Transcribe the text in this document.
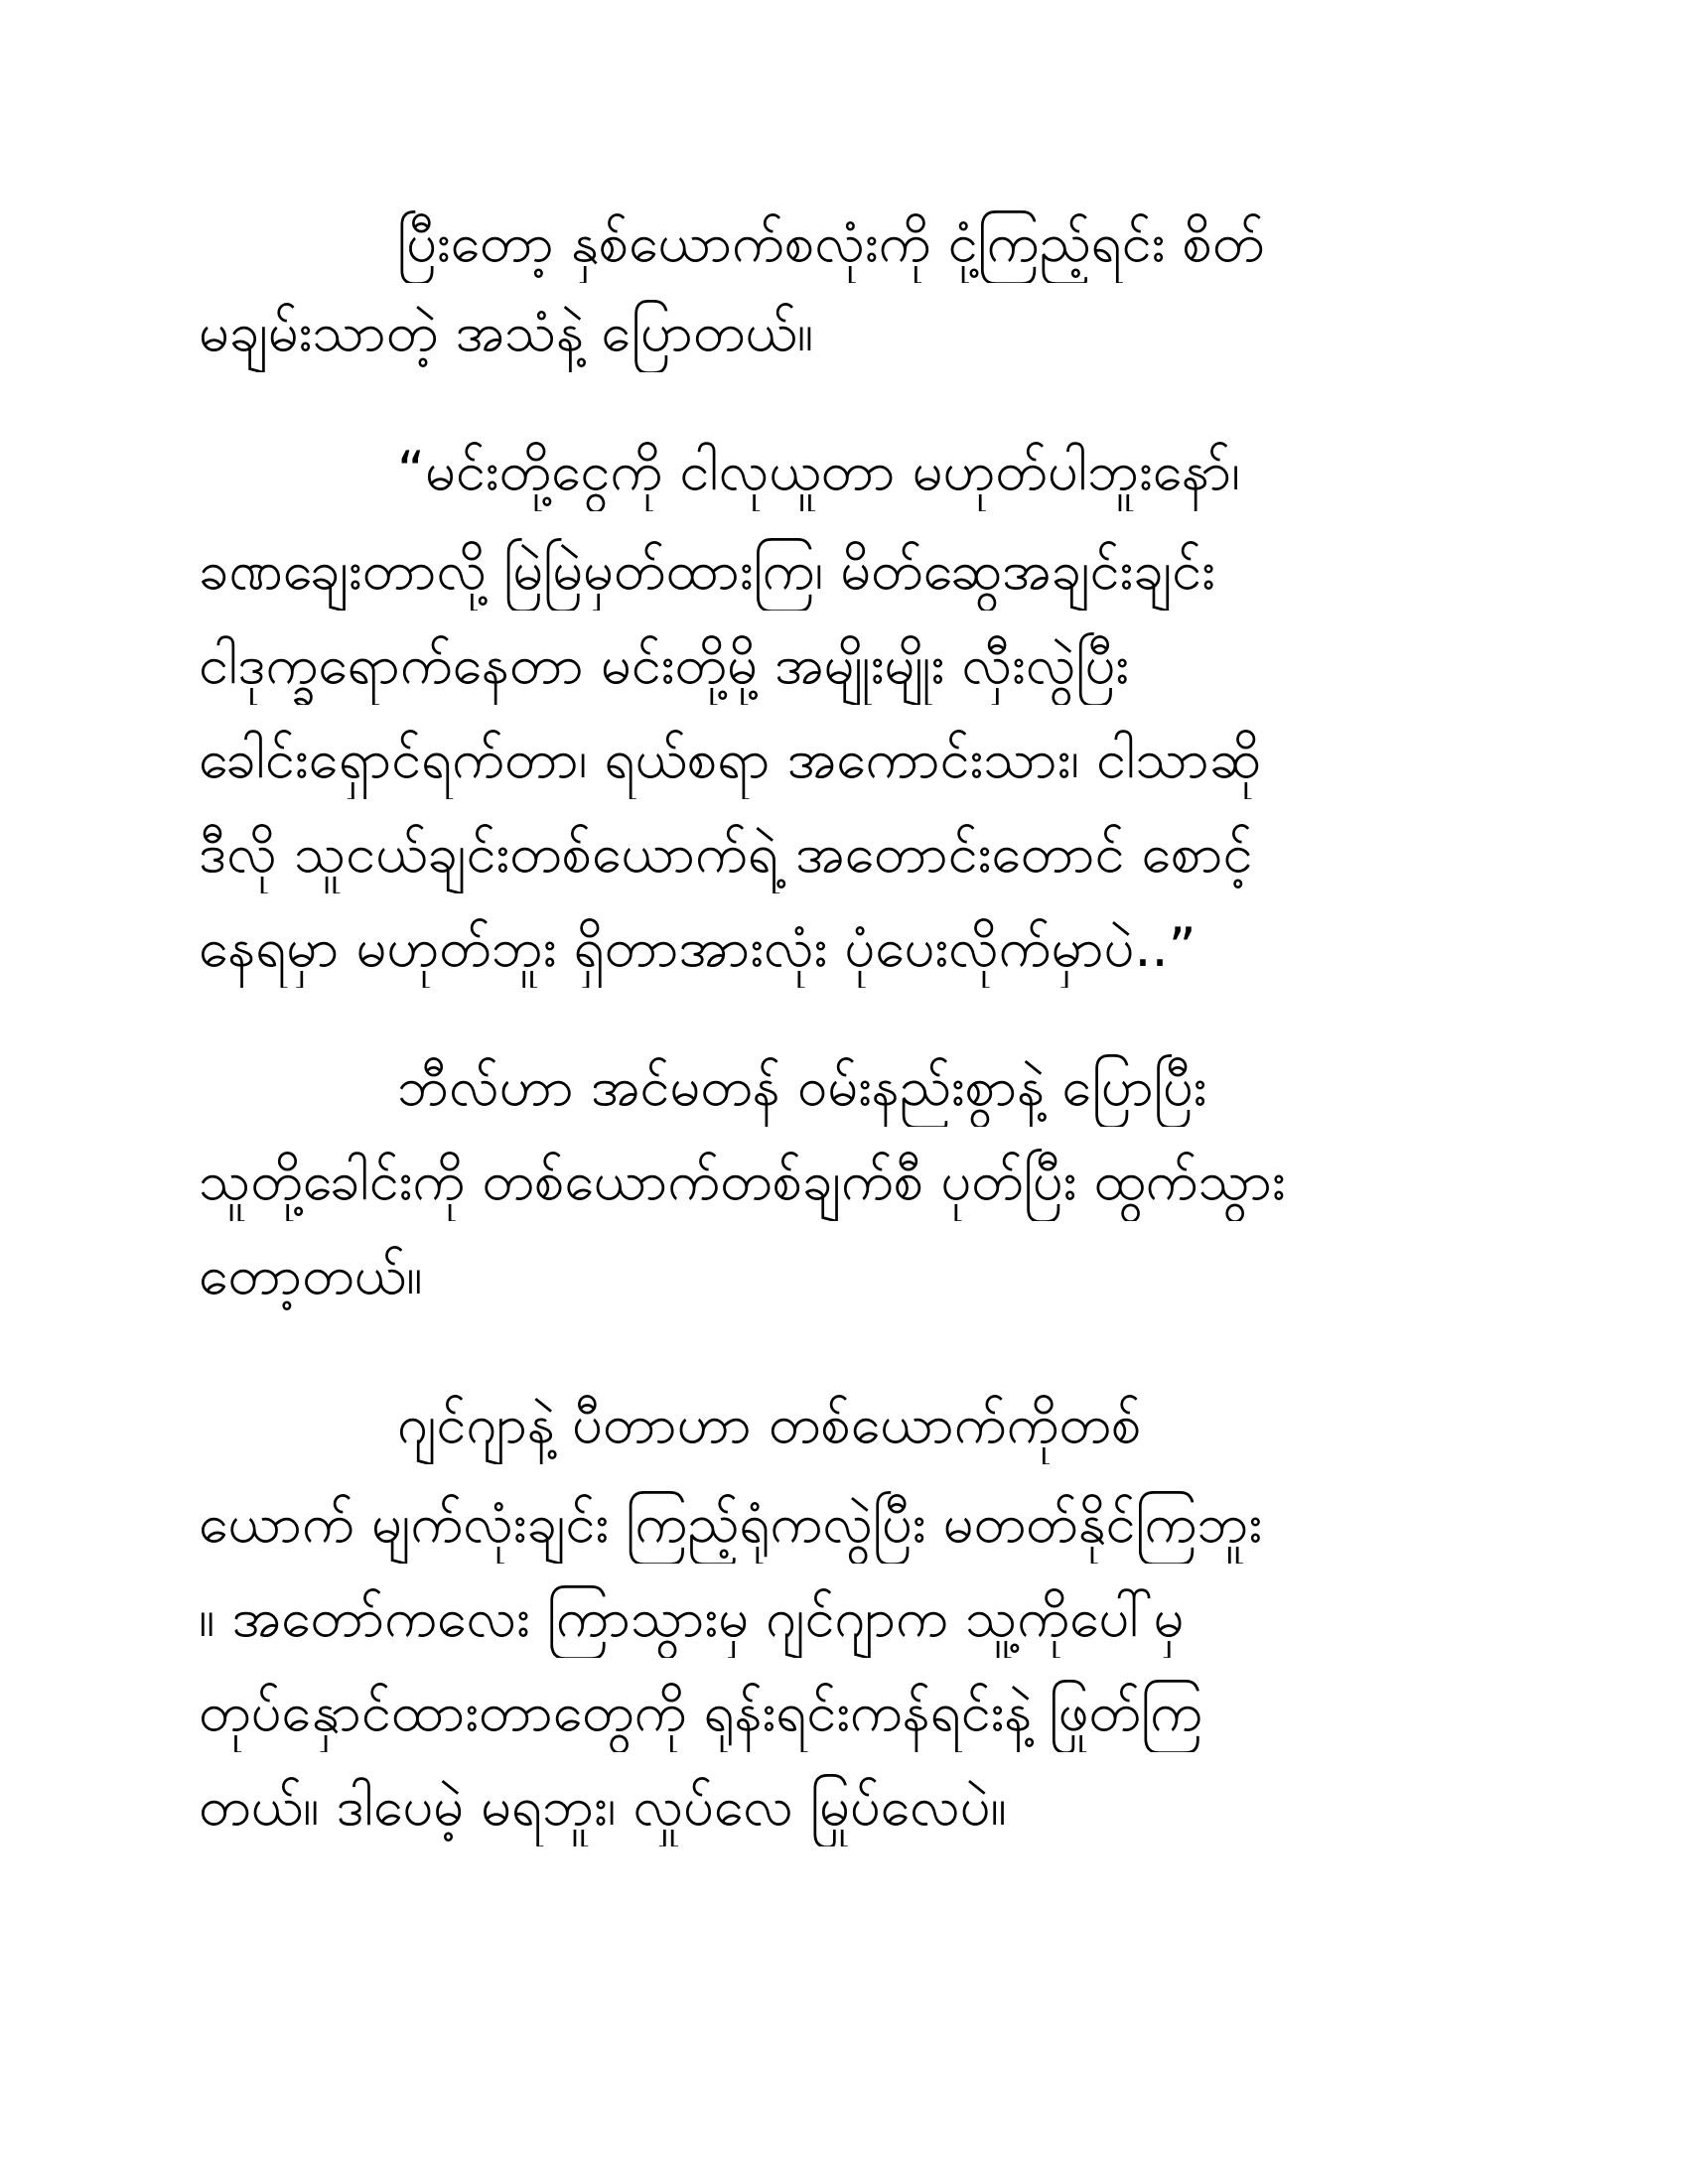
ပြီးတော့ နှစ်ယောက်စလုံးကို ငုံ့ကြည့်ရင်း စိတ်
မချမ်းသာတဲ့ အသံနဲ့ ပြောတယ်။
“မင်းတို့ငွေကို ငါလုယူတာ မဟုတ်ပါဘူးနော်၊
ခဏချေးတာလို့ မြဲမြဲမှတ်ထားကြ၊ မိတ်ဆွေအချင်းချင်း
ငါဒုက္ခရောက်နေတာ မင်းတို့မို့ အမျိုးမျိုး လှီးလွဲပြီး
ခေါင်းရှောင်ရက်တာ၊ ရယ်စရာ အကောင်းသား၊ ငါသာဆို
ဒီလို သူငယ်ချင်းတစ်ယောက်ရဲ့ အတောင်းတောင် စောင့်
နေရမှာ မဟုတ်ဘူး ရှိတာအားလုံး ပုံပေးလိုက်မှာပဲ..”
ဘီလ်ဟာ အင်မတန် ဝမ်းနည်းစွာနဲ့ ပြောပြီး
သူတို့ခေါင်းကို တစ်ယောက်တစ်ချက်စီ ပုတ်ပြီး ထွက်သွား
တော့တယ်။
ဂျင်ဂျာနဲ့ ပီတာဟာ တစ်ယောက်ကိုတစ်
ယောက် မျက်လုံးချင်း ကြည့်ရုံကလွဲပြီး မတတ်နိုင်ကြဘူး
။ အတော်ကလေး ကြာသွားမှ ဂျင်ဂျာက သူ့ကိုပေါ်မှ
တုပ်နှောင်ထားတာတွေကို ရုန်းရင်းကန်ရင်းနဲ့ ဖြုတ်ကြ
တယ်။ ဒါပေမဲ့ မရဘူး၊ လှုပ်လေ မြုပ်လေပဲ။
